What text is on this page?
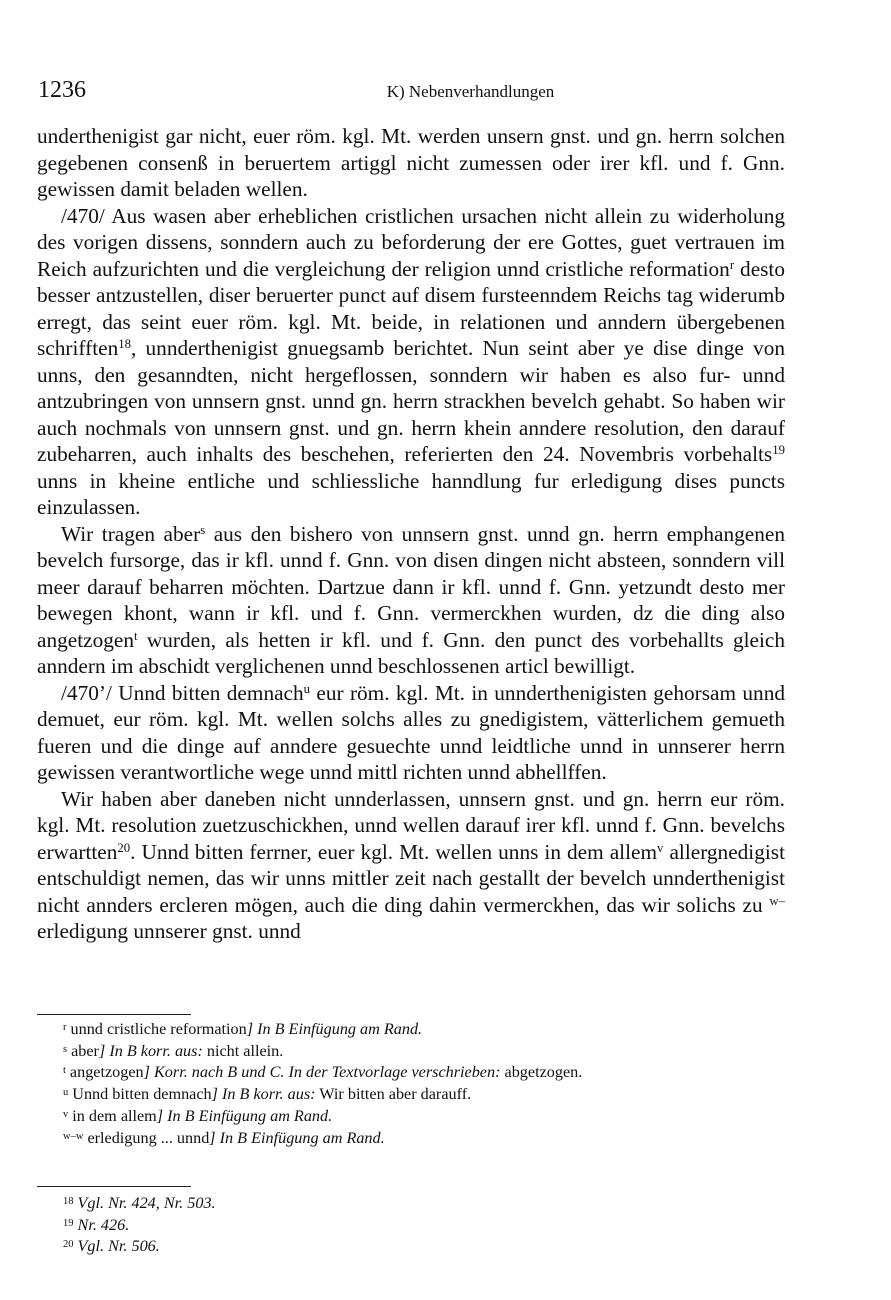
1236	K) Nebenverhandlungen

underthenigist gar nicht, euer röm. kgl. Mt. werden unsern gnst. und gn. herrn solchen gegebenen consenß in beruertem artiggl nicht zumessen oder irer kfl. und f. Gnn. gewissen damit beladen wellen.

/470/ Aus wasen aber erheblichen cristlichen ursachen nicht allein zu widerholung des vorigen dissens, sonndern auch zu beforderung der ere Gottes, guet vertrauen im Reich aufzurichten und die vergleichung der religion unnd cristliche reformation$^r$ desto besser antzustellen, diser beruerter punct auf disem fursteenndem Reichs tag widerumb erregt, das seint euer röm. kgl. Mt. beide, in relationen und anndern übergebenen schrifften$^{18}$, unnderthenigist gnuegsamb berichtet. Nun seint aber ye dise dinge von unns, den gesanndten, nicht hergeflossen, sonndern wir haben es also fur- unnd antzubringen von unnsern gnst. unnd gn. herrn strackhen bevelch gehabt. So haben wir auch nochmals von unnsern gnst. und gn. herrn khein anndere resolution, den darauf zubeharren, auch inhalts des beschehen, referierten den 24. Novembris vorbehalts$^{19}$ unns in kheine entliche und schliessliche hanndlung fur erledigung dises puncts einzulassen.

Wir tragen aber$^s$ aus den bishero von unnsern gnst. unnd gn. herrn emphangenen bevelch fursorge, das ir kfl. unnd f. Gnn. von disen dingen nicht absteen, sonndern vill meer darauf beharren möchten. Dartzue dann ir kfl. unnd f. Gnn. yetzundt desto mer bewegen khont, wann ir kfl. und f. Gnn. vermerckhen wurden, dz die ding also angetzogen$^t$ wurden, als hetten ir kfl. und f. Gnn. den punct des vorbehallts gleich anndern im abschidt verglichenen unnd beschlossenen articl bewilligt.

/470’/ Unnd bitten demnach$^u$ eur röm. kgl. Mt. in unnderthenigisten gehorsam unnd demuet, eur röm. kgl. Mt. wellen solchs alles zu gnedigistem, vätterlichem gemueth fueren und die dinge auf anndere gesuechte unnd leidtliche unnd in unnserer herrn gewissen verantwortliche wege unnd mittl richten unnd abhellffen.

Wir haben aber daneben nicht unnderlassen, unnsern gnst. und gn. herrn eur röm. kgl. Mt. resolution zuetzuschickhen, unnd wellen darauf irer kfl. unnd f. Gnn. bevelchs erwartten$^{20}$. Unnd bitten ferrner, euer kgl. Mt. wellen unns in dem allem$^v$ allergnedigist entschuldigt nemen, das wir unns mittler zeit nach gestallt der bevelch unnderthenigist nicht annders ercleren mögen, auch die ding dahin vermerckhen, das wir solichs zu $^{w-}$erledigung unnserer gnst. unnd

$^r$ unnd cristliche reformation] In B Einfügung am Rand.
$^s$ aber] In B korr. aus: nicht allein.
$^t$ angetzogen] Korr. nach B und C. In der Textvorlage verschrieben: abgetzogen.
$^u$ Unnd bitten demnach] In B korr. aus: Wir bitten aber darauff.
$^v$ in dem allem] In B Einfügung am Rand.
$^{w-w}$ erledigung ... unnd] In B Einfügung am Rand.
$^{18}$ Vgl. Nr. 424, Nr. 503.
$^{19}$ Nr. 426.
$^{20}$ Vgl. Nr. 506.
